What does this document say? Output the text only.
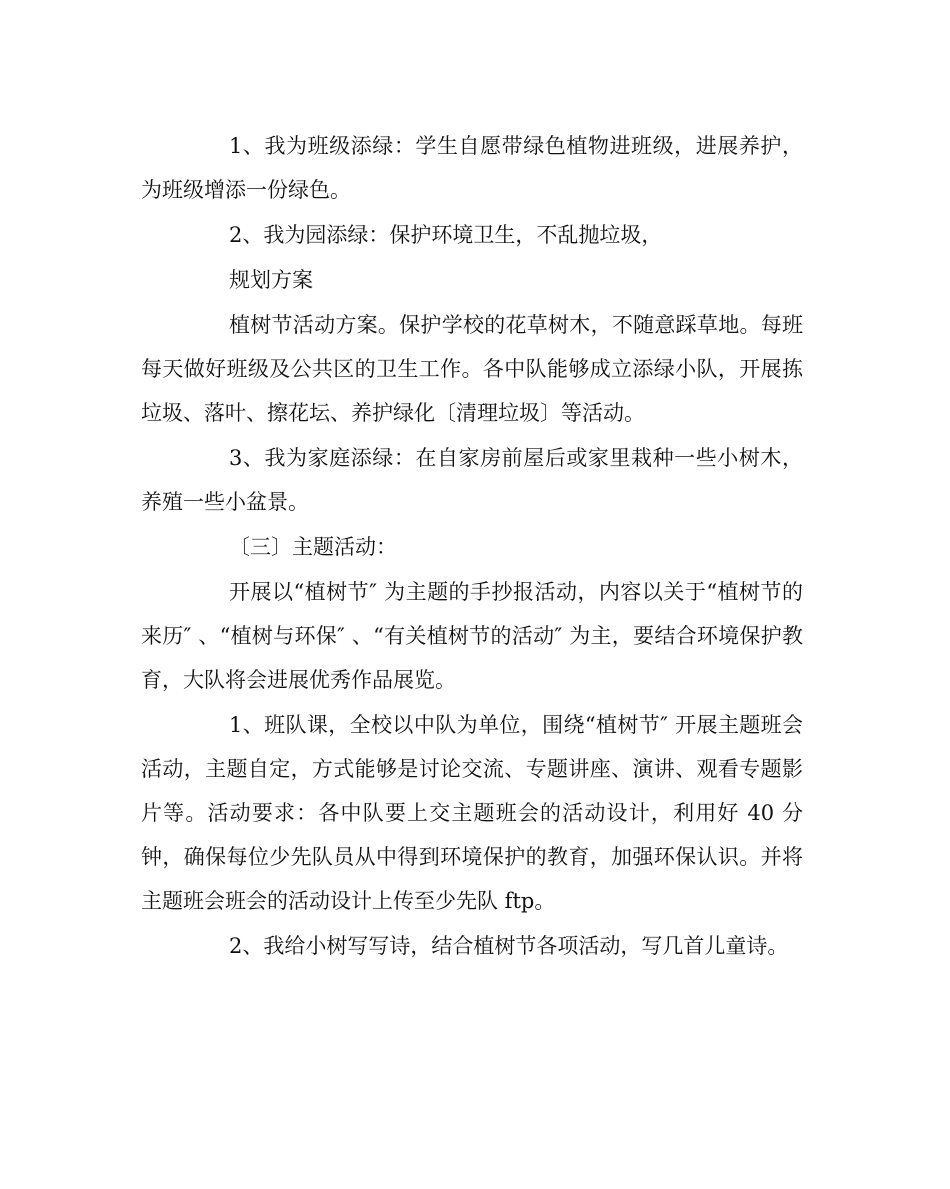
1、我为班级添绿：学生自愿带绿色植物进班级，进展养护，为班级增添一份绿色。

2、我为园添绿：保护环境卫生，不乱抛垃圾，

规划方案

植树节活动方案。保护学校的花草树木，不随意踩草地。每班每天做好班级及公共区的卫生工作。各中队能够成立添绿小队，开展拣垃圾、落叶、擦花坛、养护绿化〔清理垃圾〕等活动。

3、我为家庭添绿：在自家房前屋后或家里栽种一些小树木，养殖一些小盆景。

〔三〕主题活动：

开展以“植树节″ 为主题的手抄报活动，内容以关于“植树节的来历″ 、“植树与环保″ 、“有关植树节的活动″ 为主，要结合环境保护教育，大队将会进展优秀作品展览。

1、班队课，全校以中队为单位，围绕“植树节″ 开展主题班会活动，主题自定，方式能够是讨论交流、专题讲座、演讲、观看专题影片等。活动要求：各中队要上交主题班会的活动设计，利用好 40 分钟，确保每位少先队员从中得到环境保护的教育，加强环保认识。并将主题班会班会的活动设计上传至少先队 ftp。

2、我给小树写写诗，结合植树节各项活动，写几首儿童诗。
